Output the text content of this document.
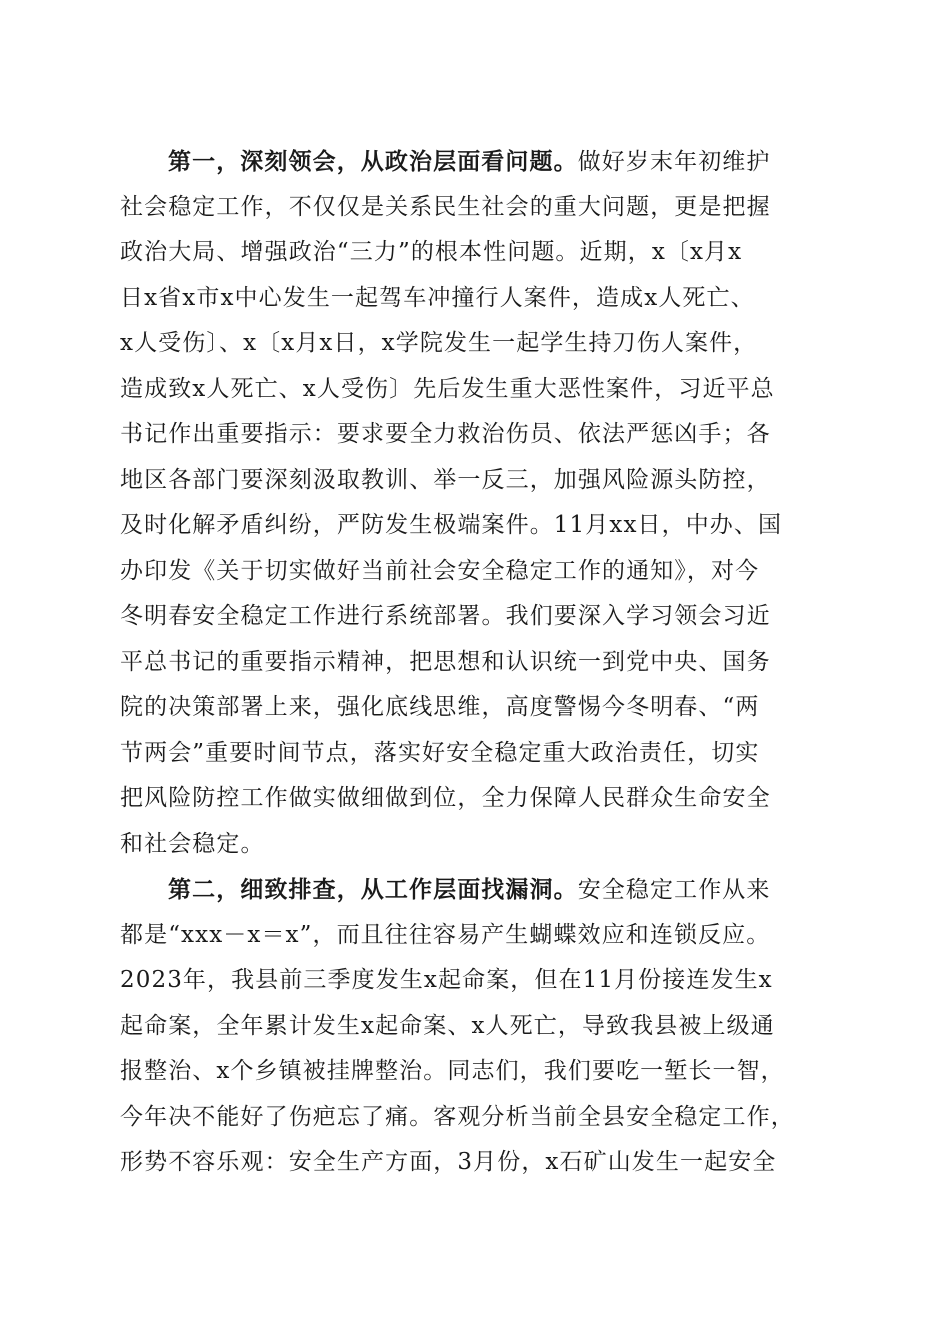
第一，深刻领会，从政治层面看问题。做好岁末年初维护
社会稳定工作，不仅仅是关系民生社会的重大问题，更是把握
政治大局、增强政治“三力”的根本性问题。近期，x〔x月x
日x省x市x中心发生一起驾车冲撞行人案件，造成x人死亡、
x人受伤〕、x〔x月x日，x学院发生一起学生持刀伤人案件，
造成致x人死亡、x人受伤〕先后发生重大恶性案件，习近平总
书记作出重要指示：要求要全力救治伤员、依法严惩凶手；各
地区各部门要深刻汲取教训、举一反三，加强风险源头防控，
及时化解矛盾纠纷，严防发生极端案件。11月xx日，中办、国
办印发《关于切实做好当前社会安全稳定工作的通知》，对今
冬明春安全稳定工作进行系统部署。我们要深入学习领会习近
平总书记的重要指示精神，把思想和认识统一到党中央、国务
院的决策部署上来，强化底线思维，高度警惕今冬明春、“两
节两会”重要时间节点，落实好安全稳定重大政治责任，切实
把风险防控工作做实做细做到位，全力保障人民群众生命安全
和社会稳定。
第二，细致排查，从工作层面找漏洞。安全稳定工作从来
都是“xxx－x＝x”，而且往往容易产生蝴蝶效应和连锁反应。
2023年，我县前三季度发生x起命案，但在11月份接连发生x
起命案，全年累计发生x起命案、x人死亡，导致我县被上级通
报整治、x个乡镇被挂牌整治。同志们，我们要吃一堑长一智，
今年决不能好了伤疤忘了痛。客观分析当前全县安全稳定工作，
形势不容乐观：安全生产方面，3月份，x石矿山发生一起安全
